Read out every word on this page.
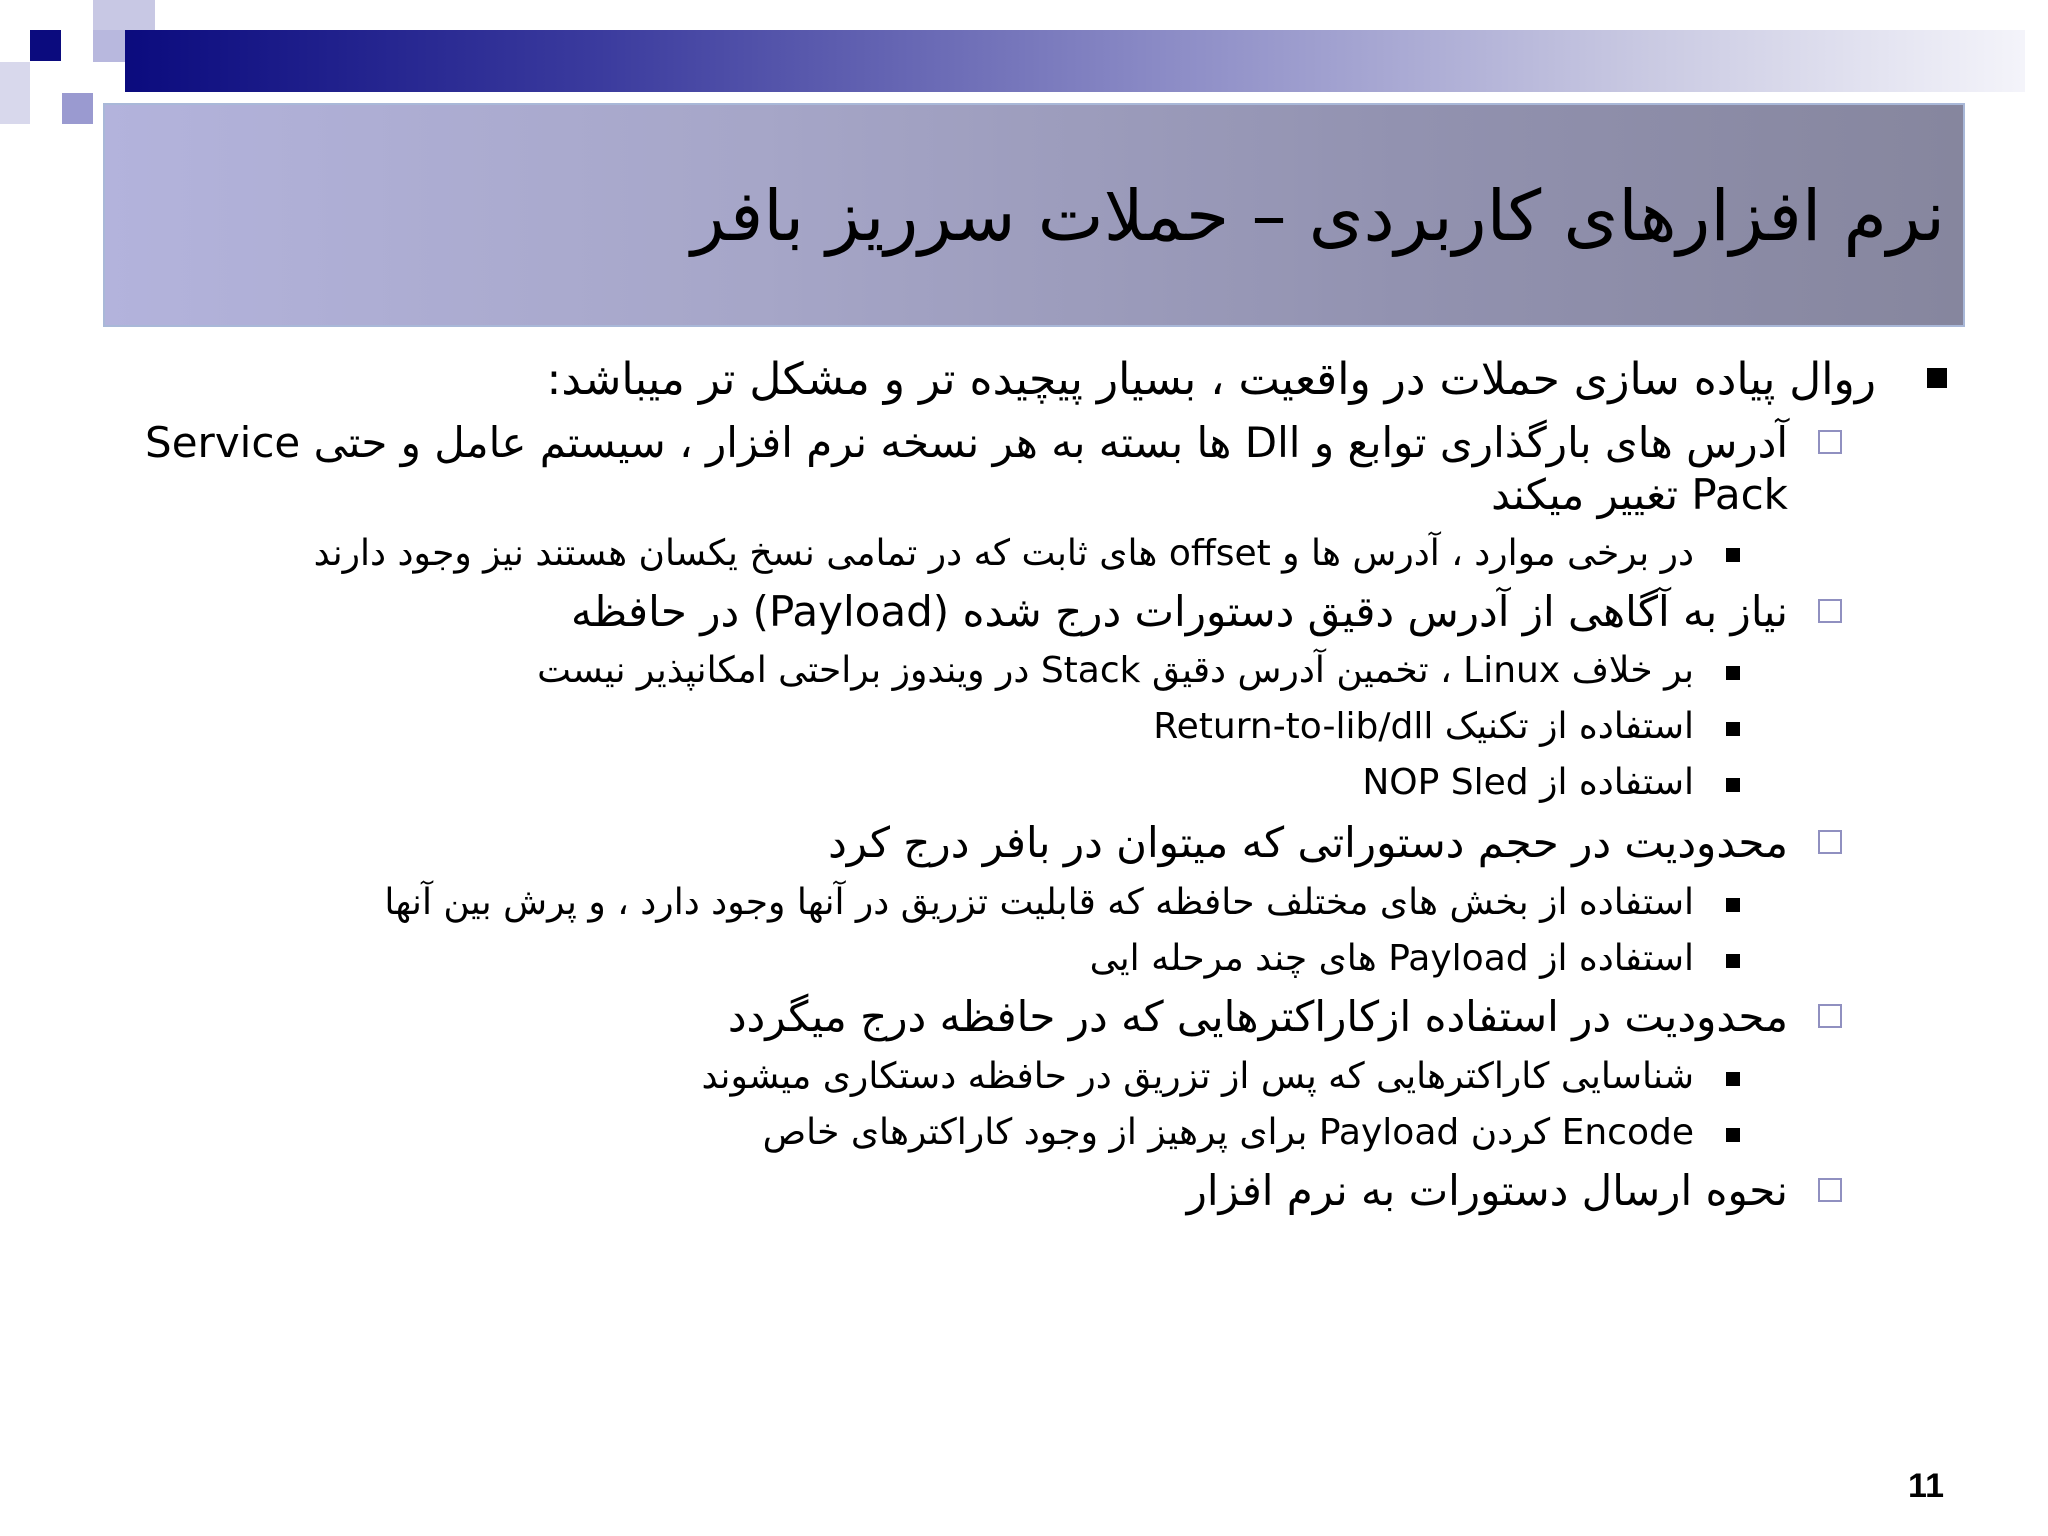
نرم افزارهای کاربردی – حملات سرریز بافر

روال پیاده سازی حملات در واقعیت ، بسیار پیچیده تر و مشکل تر میباشد:

آدرس های بارگذاری توابع و Dll ها بسته به هر نسخه نرم افزار ، سیستم عامل و حتی Service

Pack تغییر میکند

در برخی موارد ، آدرس ها و offset های ثابت که در تمامی نسخ یکسان هستند نیز وجود دارند

نیاز به آگاهی از آدرس دقیق دستورات درج شده (Payload) در حافظه

بر خلاف Linux ، تخمین آدرس دقیق Stack در ویندوز براحتی امکانپذیر نیست

استفاده از تکنیک Return-to-lib/dll

استفاده از NOP Sled

محدودیت در حجم دستوراتی که میتوان در بافر درج کرد

استفاده از بخش های مختلف حافظه که قابلیت تزریق در آنها وجود دارد ، و پرش بین آنها

استفاده از Payload های چند مرحله ایی

محدودیت در استفاده ازکاراکترهایی که در حافظه درج میگردد

شناسایی کاراکترهایی که پس از تزریق در حافظه دستکاری میشوند

Encode کردن Payload برای پرهیز از وجود کاراکترهای خاص

نحوه ارسال دستورات به نرم افزار

11
